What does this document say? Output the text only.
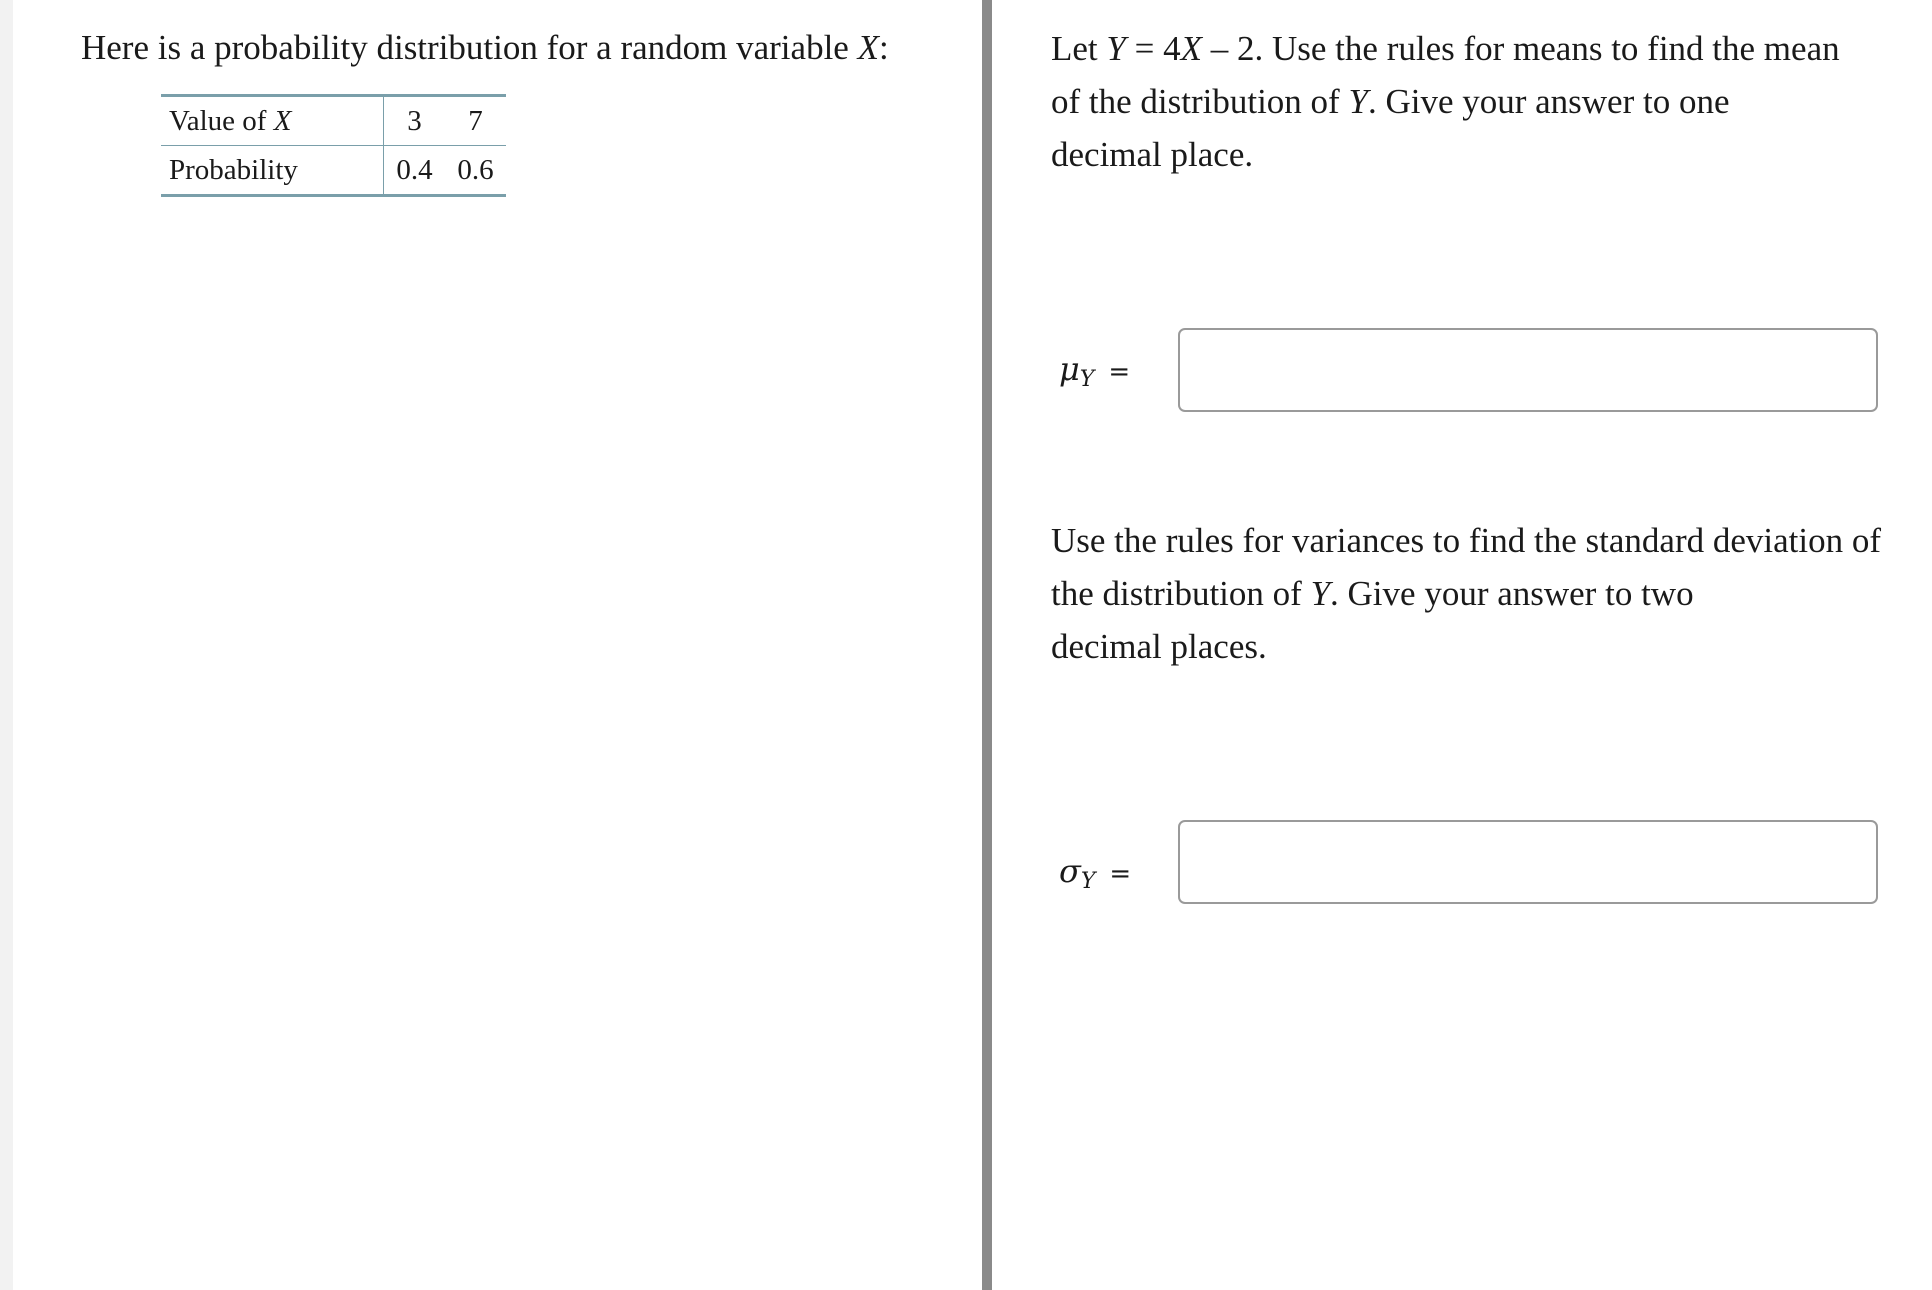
Here is a probability distribution for a random variable X:
Value of X	3	7
Probability	0.4	0.6
Let Y = 4X – 2. Use the rules for means to find the mean
of the distribution of Y. Give your answer to one
decimal place.
$\mu_Y$ =
Use the rules for variances to find the standard deviation of
the distribution of Y. Give your answer to two
decimal places.
$\sigma_Y$ =
